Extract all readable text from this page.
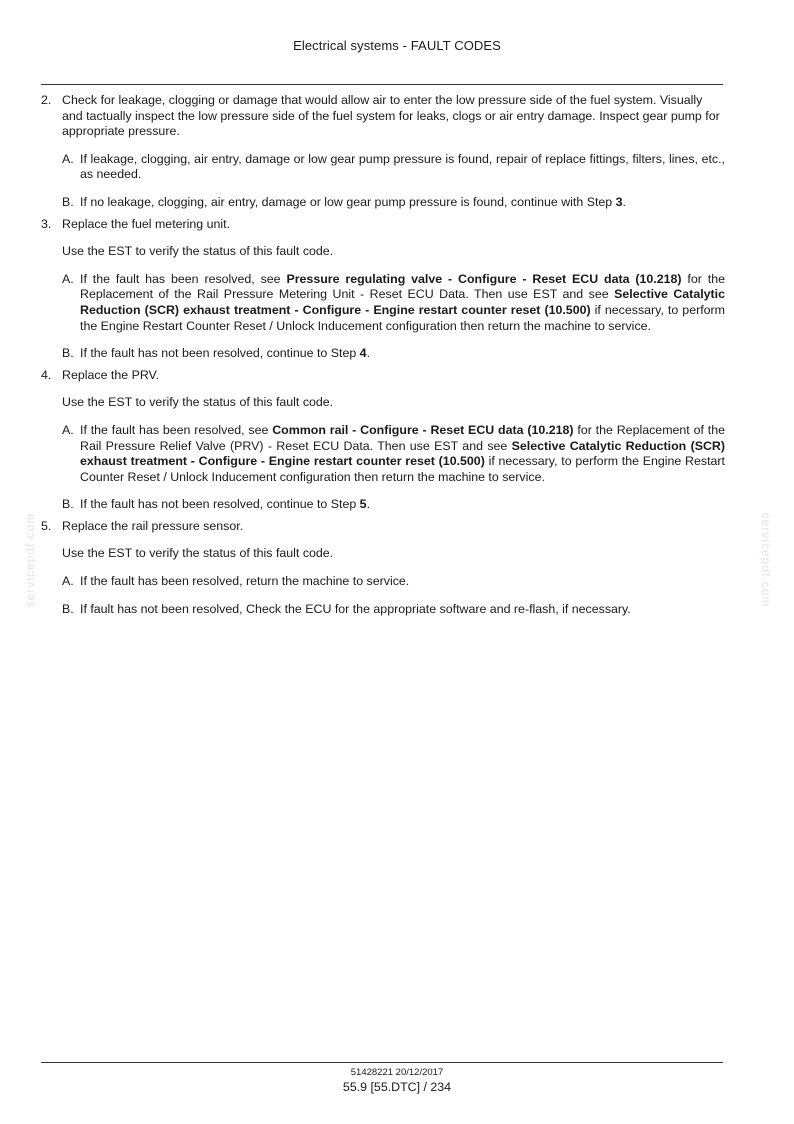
Electrical systems - FAULT CODES
servicepdf.com	servicepdf.com
2. Check for leakage, clogging or damage that would allow air to enter the low pressure side of the fuel system. Visually and tactually inspect the low pressure side of the fuel system for leaks, clogs or air entry damage. Inspect gear pump for appropriate pressure.
A. If leakage, clogging, air entry, damage or low gear pump pressure is found, repair of replace fittings, filters, lines, etc., as needed.
B. If no leakage, clogging, air entry, damage or low gear pump pressure is found, continue with Step 3.
3. Replace the fuel metering unit.
Use the EST to verify the status of this fault code.
A. If the fault has been resolved, see Pressure regulating valve - Configure - Reset ECU data (10.218) for the Replacement of the Rail Pressure Metering Unit - Reset ECU Data. Then use EST and see Selective Catalytic Reduction (SCR) exhaust treatment - Configure - Engine restart counter reset (10.500) if necessary, to perform the Engine Restart Counter Reset / Unlock Inducement configuration then return the machine to service.
B. If the fault has not been resolved, continue to Step 4.
4. Replace the PRV.
Use the EST to verify the status of this fault code.
A. If the fault has been resolved, see Common rail - Configure - Reset ECU data (10.218) for the Replacement of the Rail Pressure Relief Valve (PRV) - Reset ECU Data. Then use EST and see Selective Catalytic Reduction (SCR) exhaust treatment - Configure - Engine restart counter reset (10.500) if necessary, to perform the Engine Restart Counter Reset / Unlock Inducement configuration then return the machine to service.
B. If the fault has not been resolved, continue to Step 5.
5. Replace the rail pressure sensor.
Use the EST to verify the status of this fault code.
A. If the fault has been resolved, return the machine to service.
B. If fault has not been resolved, Check the ECU for the appropriate software and re-flash, if necessary.
51428221 20/12/2017
55.9 [55.DTC] / 234
